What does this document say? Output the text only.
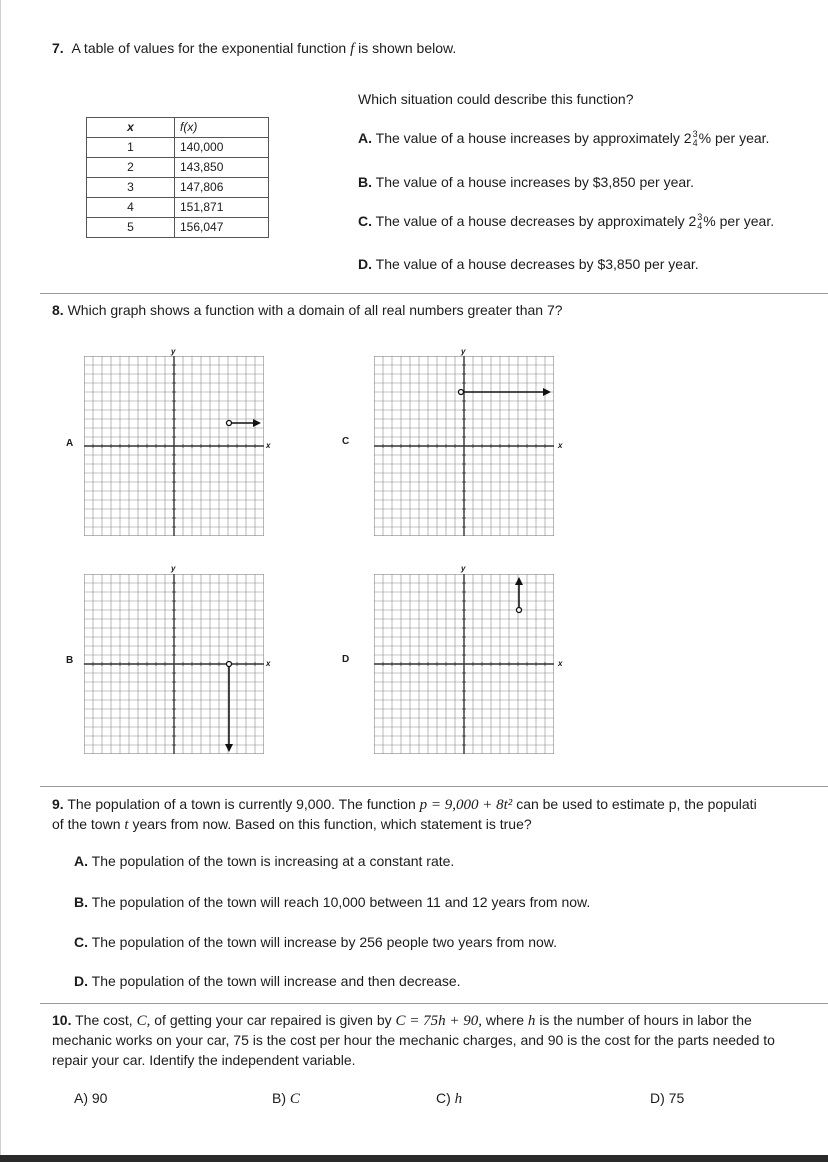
7. A table of values for the exponential function f is shown below.
x	f(x)
1	140,000
2	143,850
3	147,806
4	151,871
5	156,047
Which situation could describe this function?
A. The value of a house increases by approximately 2 3
4 % per year.
B. The value of a house increases by $3,850 per year.
C. The value of a house decreases by approximately 2 3
4 % per year.
D. The value of a house decreases by $3,850 per year.
8. Which graph shows a function with a domain of all real numbers greater than 7?
A
y
x	C
y
x
B
y
x	D
y
x
9. The population of a town is currently 9,000. The function p = 9,000 + 8t² can be used to estimate p, the populati
of the town t years from now. Based on this function, which statement is true?
A. The population of the town is increasing at a constant rate.
B. The population of the town will reach 10,000 between 11 and 12 years from now.
C. The population of the town will increase by 256 people two years from now.
D. The population of the town will increase and then decrease.
10. The cost, C, of getting your car repaired is given by C = 75h + 90, where h is the number of hours in labor the
mechanic works on your car, 75 is the cost per hour the mechanic charges, and 90 is the cost for the parts needed to
repair your car. Identify the independent variable.
A) 90	B) C	C) h	D) 75
